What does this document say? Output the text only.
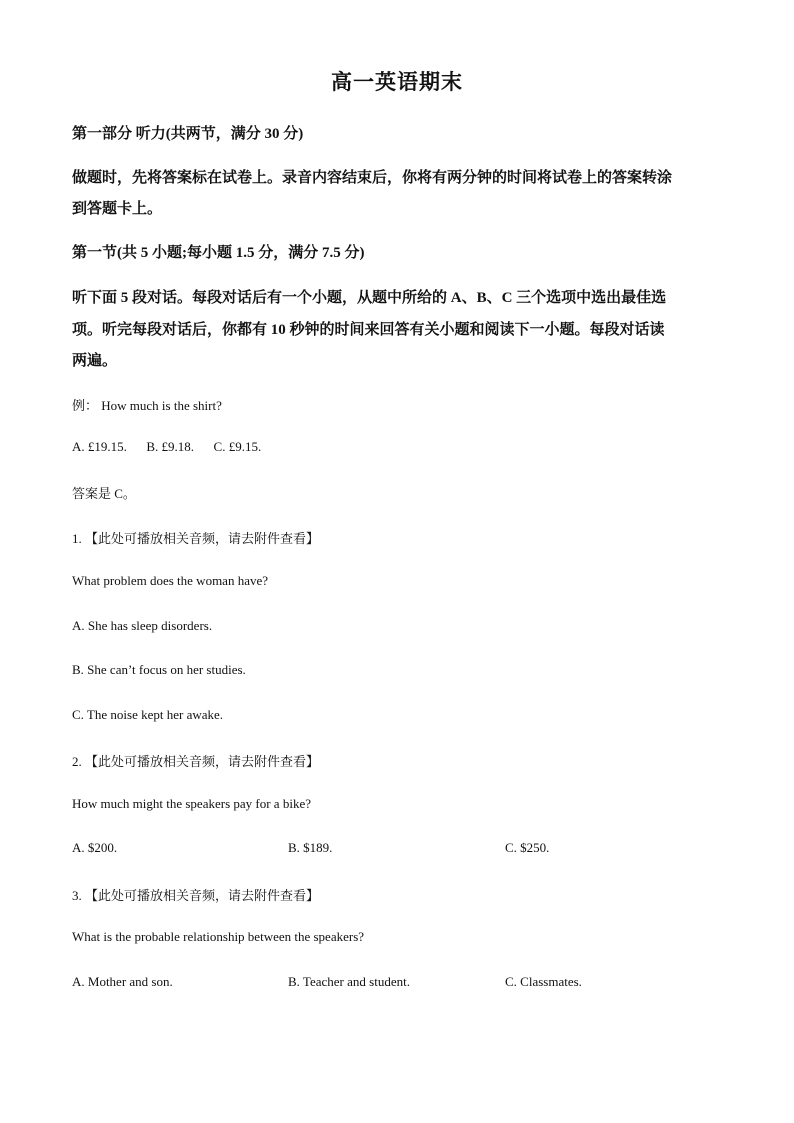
高一英语期末
第一部分 听力(共两节，满分 30 分)
做题时，先将答案标在试卷上。录音内容结束后，你将有两分钟的时间将试卷上的答案转涂
到答题卡上。
第一节(共 5 小题;每小题 1.5 分，满分 7.5 分)
听下面 5 段对话。每段对话后有一个小题，从题中所给的 A、B、C 三个选项中选出最佳选
项。听完每段对话后，你都有 10 秒钟的时间来回答有关小题和阅读下一小题。每段对话读
两遍。
例： How much is the shirt?
A. £19.15.      B. £9.18.      C. £9.15.
答案是 C。
1. 【此处可播放相关音频，请去附件查看】
What problem does the woman have?
A. She has sleep disorders.
B. She can’t focus on her studies.
C. The noise kept her awake.
2. 【此处可播放相关音频，请去附件查看】
How much might the speakers pay for a bike?
A. $200.	B. $189.	C. $250.
3. 【此处可播放相关音频，请去附件查看】
What is the probable relationship between the speakers?
A. Mother and son.	B. Teacher and student.	C. Classmates.
